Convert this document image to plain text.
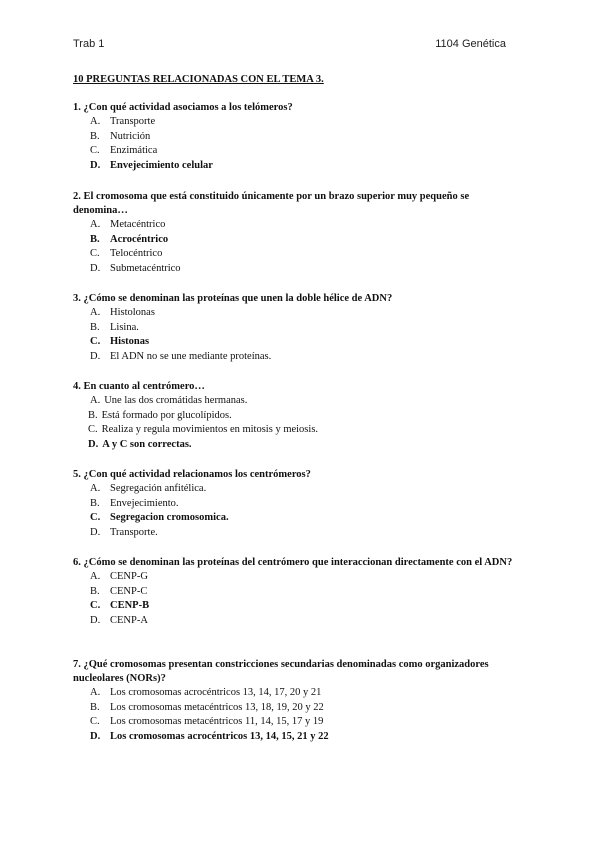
Trab 1	1104 Genética
10 PREGUNTAS RELACIONADAS CON EL TEMA 3.
1. ¿Con qué actividad asociamos a los telómeros?
A. Transporte
B. Nutrición
C. Enzimática
D. Envejecimiento celular
2. El cromosoma que está constituido únicamente por un brazo superior muy pequeño se denomina…
A. Metacéntrico
B. Acrocéntrico
C. Telocéntrico
D. Submetacéntrico
3. ¿Cómo se denominan las proteínas que unen la doble hélice de ADN?
A. Histolonas
B. Lisina.
C. Histonas
D. El ADN no se une mediante proteínas.
4. En cuanto al centrómero…
A. Une las dos cromátidas hermanas.
B. Está formado por glucolípidos.
C. Realiza y regula movimientos en mitosis y meiosis.
D. A y C son correctas.
5. ¿Con qué actividad relacionamos los centrómeros?
A. Segregación anfitélica.
B. Envejecimiento.
C. Segregacion cromosomica.
D. Transporte.
6. ¿Cómo se denominan las proteínas del centrómero que interaccionan directamente con el ADN?
A. CENP-G
B. CENP-C
C. CENP-B
D. CENP-A
7. ¿Qué cromosomas presentan constricciones secundarias denominadas como organizadores nucleolares (NORs)?
A. Los cromosomas acrocéntricos 13, 14, 17, 20 y 21
B. Los cromosomas metacéntricos 13, 18, 19, 20 y 22
C. Los cromosomas metacéntricos 11, 14, 15, 17 y 19
D. Los cromosomas acrocéntricos 13, 14, 15, 21 y 22
